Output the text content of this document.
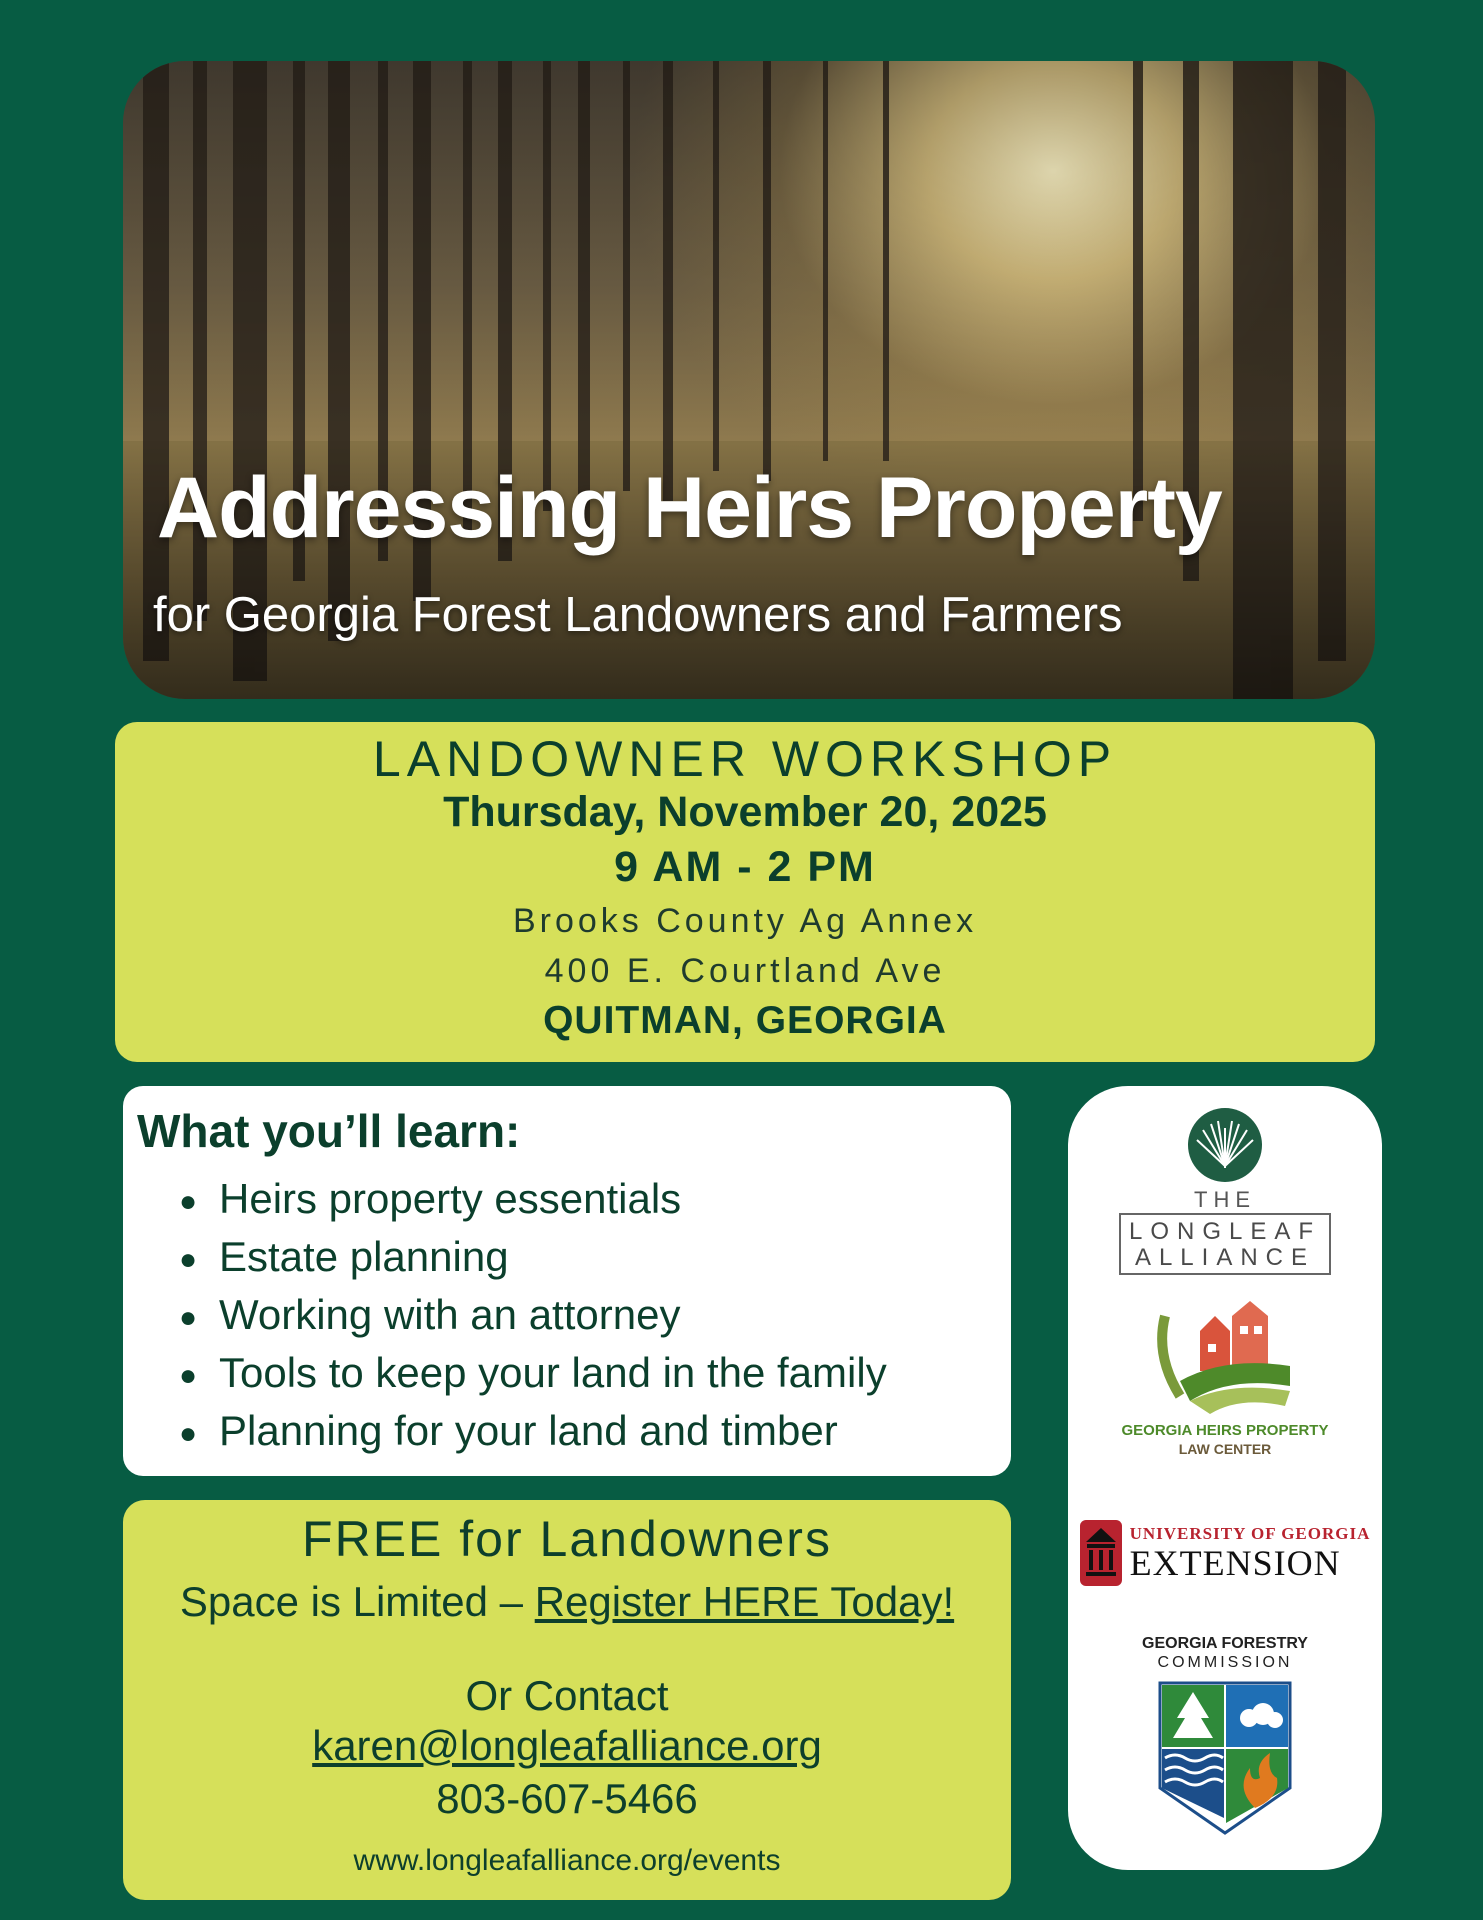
Addressing Heirs Property

for Georgia Forest Landowners and Farmers

LANDOWNER WORKSHOP
Thursday, November 20, 2025
9 AM - 2 PM
Brooks County Ag Annex
400 E. Courtland Ave
QUITMAN, GEORGIA
What you’ll learn:
● Heirs property essentials
● Estate planning
● Working with an attorney
● Tools to keep your land in the family
● Planning for your land and timber
FREE for Landowners
Space is Limited – Register HERE Today!
Or Contact
karen@longleafalliance.org
803-607-5466
www.longleafalliance.org/events
THE
LONGLEAF
ALLIANCE
GEORGIA HEIRS PROPERTY
LAW CENTER
UNIVERSITY OF GEORGIA
EXTENSION
GEORGIA FORESTRY
COMMISSION
